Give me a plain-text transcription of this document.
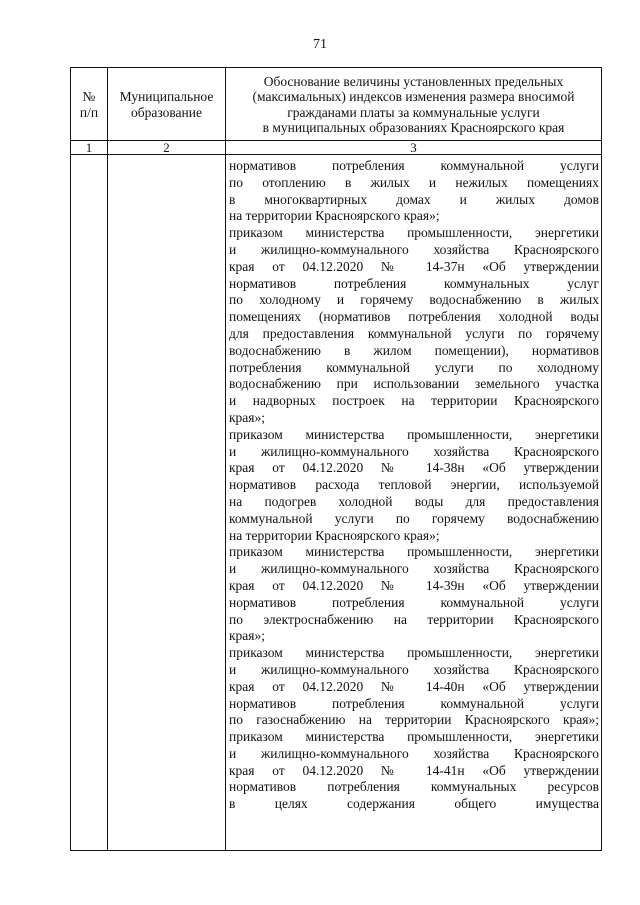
71
№
п/п
Муниципальное
образование
Обоснование величины установленных предельных
(максимальных) индексов изменения размера вносимой
гражданами платы за коммунальные услуги
в муниципальных образованиях Красноярского края
1	2	3
нормативов потребления коммунальной услуги
по отоплению в жилых и нежилых помещениях
в многоквартирных домах и жилых домов
на территории Красноярского края»;
приказом министерства промышленности, энергетики
и жилищно-коммунального хозяйства Красноярского
края от 04.12.2020 № 14-37н «Об утверждении
нормативов потребления коммунальных услуг
по холодному и горячему водоснабжению в жилых
помещениях (нормативов потребления холодной воды
для предоставления коммунальной услуги по горячему
водоснабжению в жилом помещении), нормативов
потребления коммунальной услуги по холодному
водоснабжению при использовании земельного участка
и надворных построек на территории Красноярского
края»;
приказом министерства промышленности, энергетики
и жилищно-коммунального хозяйства Красноярского
края от 04.12.2020 № 14-38н «Об утверждении
нормативов расхода тепловой энергии, используемой
на подогрев холодной воды для предоставления
коммунальной услуги по горячему водоснабжению
на территории Красноярского края»;
приказом министерства промышленности, энергетики
и жилищно-коммунального хозяйства Красноярского
края от 04.12.2020 № 14-39н «Об утверждении
нормативов потребления коммунальной услуги
по электроснабжению на территории Красноярского
края»;
приказом министерства промышленности, энергетики
и жилищно-коммунального хозяйства Красноярского
края от 04.12.2020 № 14-40н «Об утверждении
нормативов потребления коммунальной услуги
по газоснабжению на территории Красноярского края»;
приказом министерства промышленности, энергетики
и жилищно-коммунального хозяйства Красноярского
края от 04.12.2020 № 14-41н «Об утверждении
нормативов потребления коммунальных ресурсов
в целях содержания общего имущества
